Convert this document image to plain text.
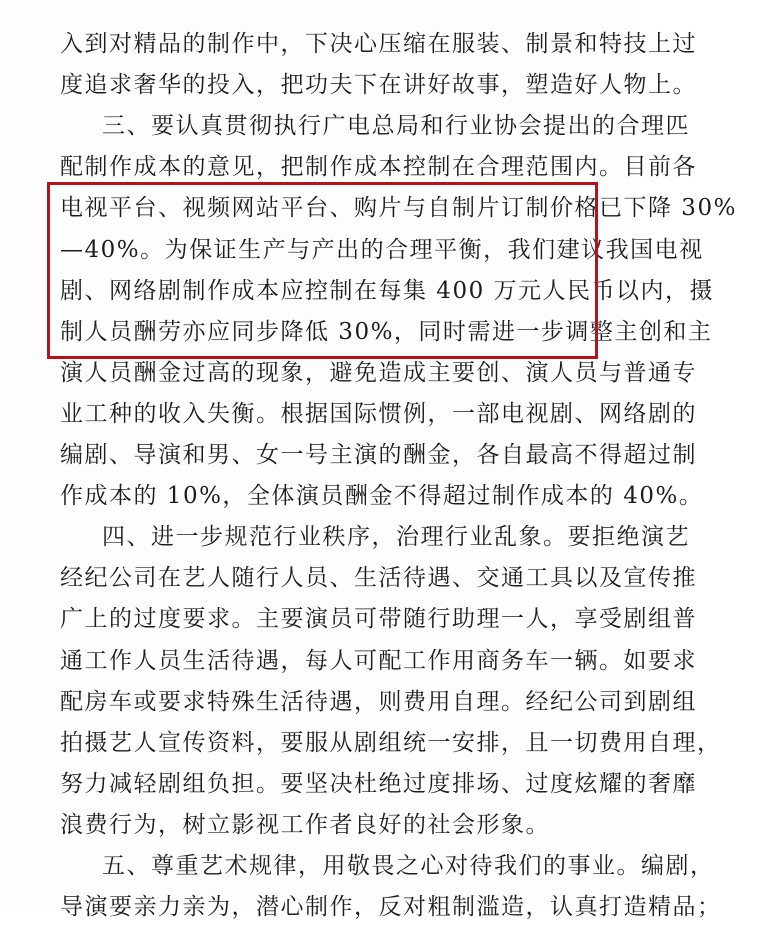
入到对精品的制作中，下决心压缩在服装、制景和特技上过
度追求奢华的投入，把功夫下在讲好故事，塑造好人物上。
三、要认真贯彻执行广电总局和行业协会提出的合理匹
配制作成本的意见，把制作成本控制在合理范围内。目前各
电视平台、视频网站平台、购片与自制片订制价格已下降 30%
—40%。为保证生产与产出的合理平衡，我们建议我国电视
剧、网络剧制作成本应控制在每集 400 万元人民币以内，摄
制人员酬劳亦应同步降低 30%，同时需进一步调整主创和主
演人员酬金过高的现象，避免造成主要创、演人员与普通专
业工种的收入失衡。根据国际惯例，一部电视剧、网络剧的
编剧、导演和男、女一号主演的酬金，各自最高不得超过制
作成本的 10%，全体演员酬金不得超过制作成本的 40%。
四、进一步规范行业秩序，治理行业乱象。要拒绝演艺
经纪公司在艺人随行人员、生活待遇、交通工具以及宣传推
广上的过度要求。主要演员可带随行助理一人，享受剧组普
通工作人员生活待遇，每人可配工作用商务车一辆。如要求
配房车或要求特殊生活待遇，则费用自理。经纪公司到剧组
拍摄艺人宣传资料，要服从剧组统一安排，且一切费用自理，
努力减轻剧组负担。要坚决杜绝过度排场、过度炫耀的奢靡
浪费行为，树立影视工作者良好的社会形象。
五、尊重艺术规律，用敬畏之心对待我们的事业。编剧，
导演要亲力亲为，潜心制作，反对粗制滥造，认真打造精品；
